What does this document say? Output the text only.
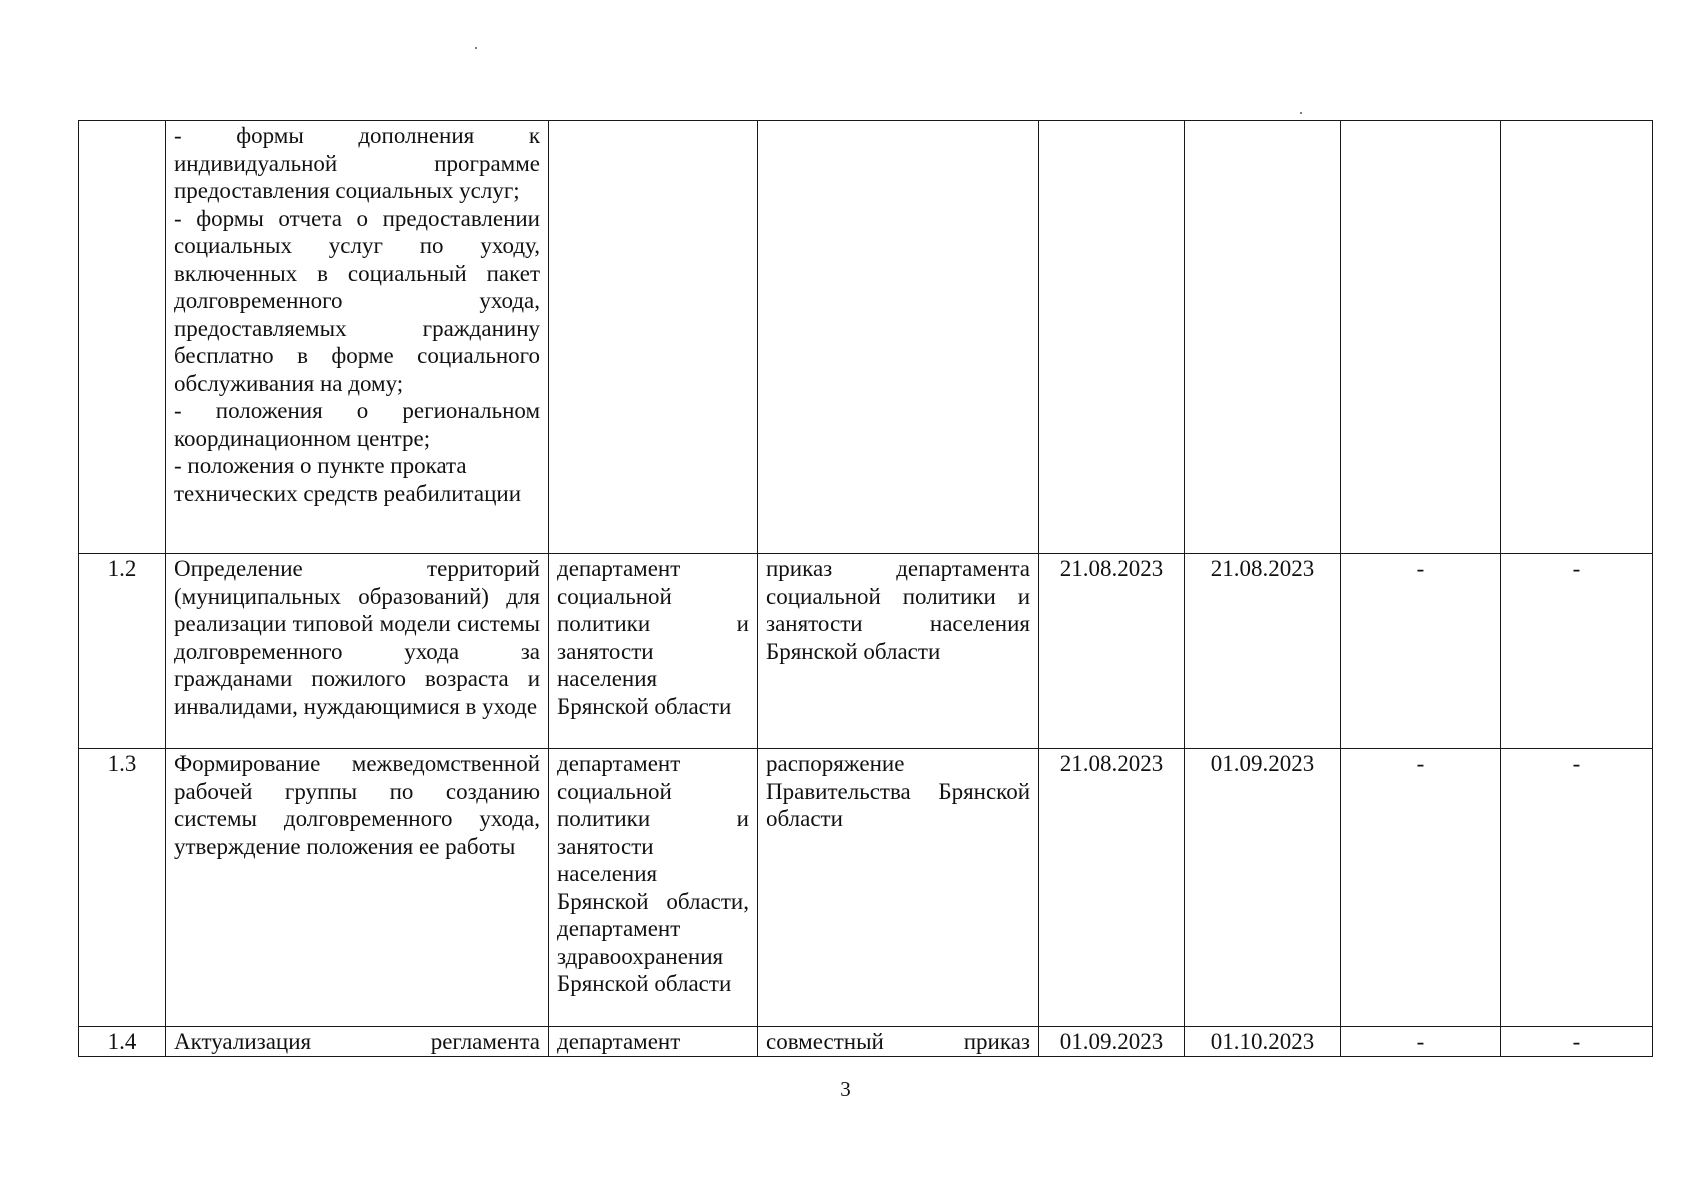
	- формы дополнения к индивидуальной программе предоставления социальных услуг;
- формы отчета о предоставлении социальных услуг по уходу, включенных в социальный пакет долговременного ухода, предоставляемых гражданину бесплатно в форме социального обслуживания на дому;
- положения о региональном координационном центре;
- положения о пункте проката технических средств реабилитации						

1.2	Определение территорий (муниципальных образований) для реализации типовой модели системы долговременного ухода за гражданами пожилого возраста и инвалидами, нуждающимися в уходе	департамент социальной политики и занятости населения Брянской области	приказ департамента социальной политики и занятости населения Брянской области	21.08.2023	21.08.2023	-	-
1.3	Формирование межведомственной рабочей группы по созданию системы долговременного ухода, утверждение положения ее работы	департамент социальной политики и занятости населения Брянской области, департамент здравоохранения Брянской области	распоряжение Правительства Брянской области	21.08.2023	01.09.2023	-	-
1.4	Актуализация регламента	департамент	совместный приказ	01.09.2023	01.10.2023	-	-
3
